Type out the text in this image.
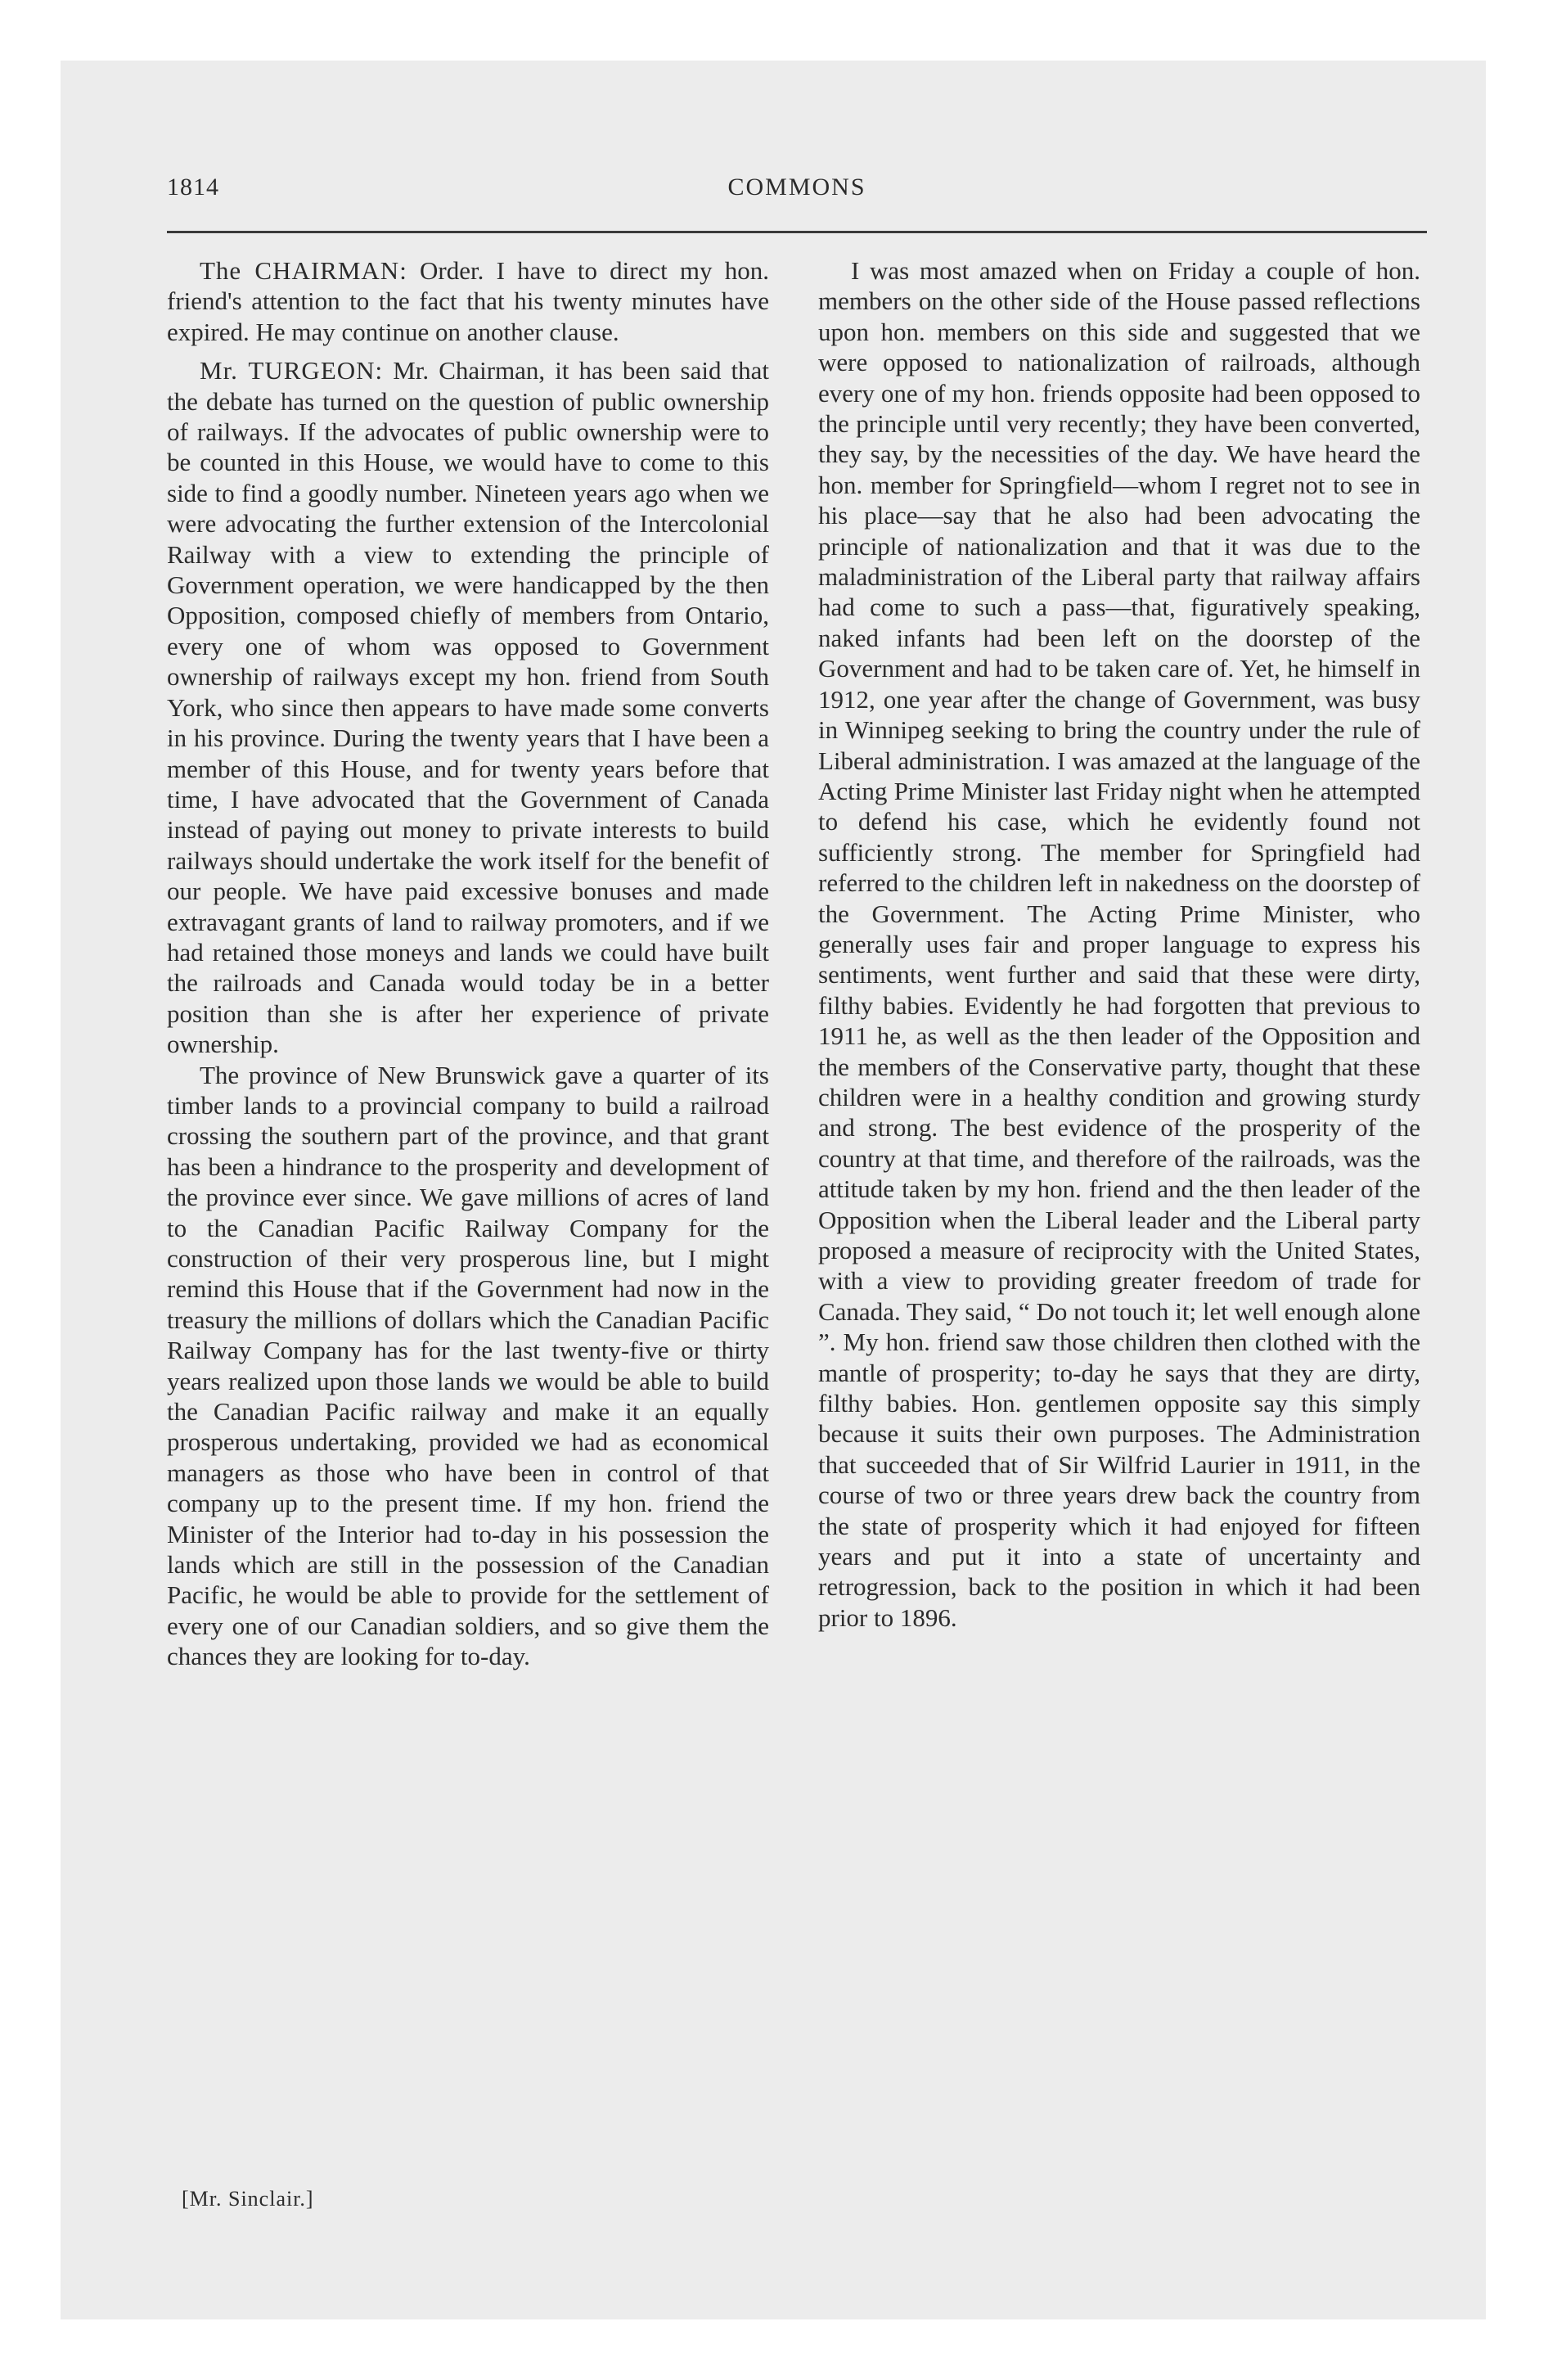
1814	COMMONS

The CHAIRMAN: Order. I have to direct my hon. friend's attention to the fact that his twenty minutes have expired. He may continue on another clause.

Mr. TURGEON: Mr. Chairman, it has been said that the debate has turned on the question of public ownership of railways. If the advocates of public ownership were to be counted in this House, we would have to come to this side to find a goodly number. Nineteen years ago when we were advocating the further extension of the Intercolonial Railway with a view to extending the principle of Government operation, we were handicapped by the then Opposition, composed chiefly of members from Ontario, every one of whom was opposed to Government ownership of railways except my hon. friend from South York, who since then appears to have made some converts in his province. During the twenty years that I have been a member of this House, and for twenty years before that time, I have advocated that the Government of Canada instead of paying out money to private interests to build railways should undertake the work itself for the benefit of our people. We have paid excessive bonuses and made extravagant grants of land to railway promoters, and if we had retained those moneys and lands we could have built the railroads and Canada would today be in a better position than she is after her experience of private ownership.

The province of New Brunswick gave a quarter of its timber lands to a provincial company to build a railroad crossing the southern part of the province, and that grant has been a hindrance to the prosperity and development of the province ever since. We gave millions of acres of land to the Canadian Pacific Railway Company for the construction of their very prosperous line, but I might remind this House that if the Government had now in the treasury the millions of dollars which the Canadian Pacific Railway Company has for the last twenty-five or thirty years realized upon those lands we would be able to build the Canadian Pacific railway and make it an equally prosperous undertaking, provided we had as economical managers as those who have been in control of that company up to the present time. If my hon. friend the Minister of the Interior had to-day in his possession the lands which are still in the possession of the Canadian Pacific, he would be able to provide for the settlement of every one of our Canadian soldiers, and so give them the chances they are looking for to-day.

I was most amazed when on Friday a couple of hon. members on the other side of the House passed reflections upon hon. members on this side and suggested that we were opposed to nationalization of railroads, although every one of my hon. friends opposite had been opposed to the principle until very recently; they have been converted, they say, by the necessities of the day. We have heard the hon. member for Springfield—whom I regret not to see in his place—say that he also had been advocating the principle of nationalization and that it was due to the maladministration of the Liberal party that railway affairs had come to such a pass—that, figuratively speaking, naked infants had been left on the doorstep of the Government and had to be taken care of. Yet, he himself in 1912, one year after the change of Government, was busy in Winnipeg seeking to bring the country under the rule of Liberal administration. I was amazed at the language of the Acting Prime Minister last Friday night when he attempted to defend his case, which he evidently found not sufficiently strong. The member for Springfield had referred to the children left in nakedness on the doorstep of the Government. The Acting Prime Minister, who generally uses fair and proper language to express his sentiments, went further and said that these were dirty, filthy babies. Evidently he had forgotten that previous to 1911 he, as well as the then leader of the Opposition and the members of the Conservative party, thought that these children were in a healthy condition and growing sturdy and strong. The best evidence of the prosperity of the country at that time, and therefore of the railroads, was the attitude taken by my hon. friend and the then leader of the Opposition when the Liberal leader and the Liberal party proposed a measure of reciprocity with the United States, with a view to providing greater freedom of trade for Canada. They said, “ Do not touch it; let well enough alone ”. My hon. friend saw those children then clothed with the mantle of prosperity; to-day he says that they are dirty, filthy babies. Hon. gentlemen opposite say this simply because it suits their own purposes. The Administration that succeeded that of Sir Wilfrid Laurier in 1911, in the course of two or three years drew back the country from the state of prosperity which it had enjoyed for fifteen years and put it into a state of uncertainty and retrogression, back to the position in which it had been prior to 1896.

[Mr. Sinclair.]
